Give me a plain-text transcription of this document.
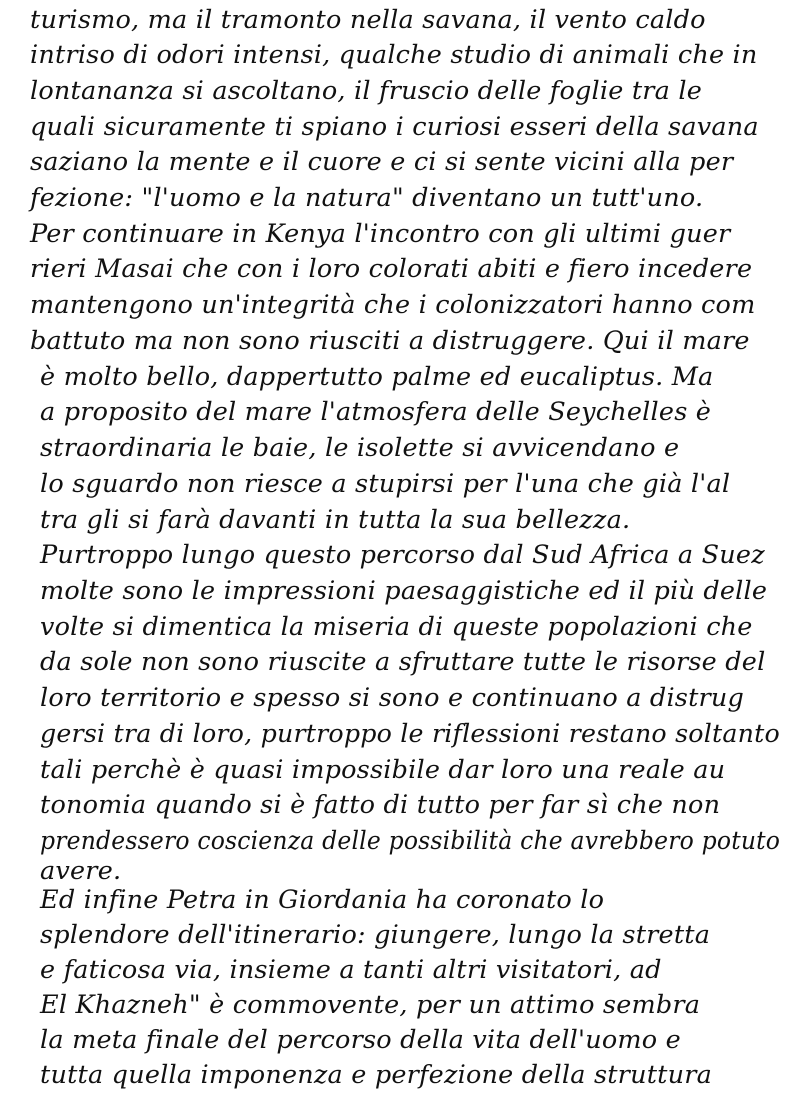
turismo, ma il tramonto nella savana, il vento caldo
intriso di odori intensi, qualche studio di animali che in
lontananza si ascoltano, il fruscio delle foglie tra le
quali sicuramente ti spiano i curiosi esseri della savana
saziano la mente e il cuore e ci si sente vicini alla per
fezione: "l'uomo e la natura" diventano un tutt'uno.
Per continuare in Kenya l'incontro con gli ultimi guer
rieri Masai che con i loro colorati abiti e fiero incedere
mantengono un'integrità che i colonizzatori hanno com
battuto ma non sono riusciti a distruggere. Qui il mare
è molto bello, dappertutto palme ed eucaliptus. Ma
a proposito del mare l'atmosfera delle Seychelles è
straordinaria le baie, le isolette si avvicendano e
lo sguardo non riesce a stupirsi per l'una che già l'al
tra gli si farà davanti in tutta la sua bellezza.
Purtroppo lungo questo percorso dal Sud Africa a Suez
molte sono le impressioni paesaggistiche ed il più delle
volte si dimentica la miseria di queste popolazioni che
da sole non sono riuscite a sfruttare tutte le risorse del
loro territorio e spesso si sono e continuano a distrug
gersi tra di loro, purtroppo le riflessioni restano soltanto
tali perchè è quasi impossibile dar loro una reale au
tonomia quando si è fatto di tutto per far sì che non
prendessero coscienza delle possibilità che avrebbero potuto
avere.
Ed infine Petra in Giordania ha coronato lo
splendore dell'itinerario: giungere, lungo la stretta
e faticosa via, insieme a tanti altri visitatori, ad
El Khazneh" è commovente, per un attimo sembra
la meta finale del percorso della vita dell'uomo e
tutta quella imponenza e perfezione della struttura
